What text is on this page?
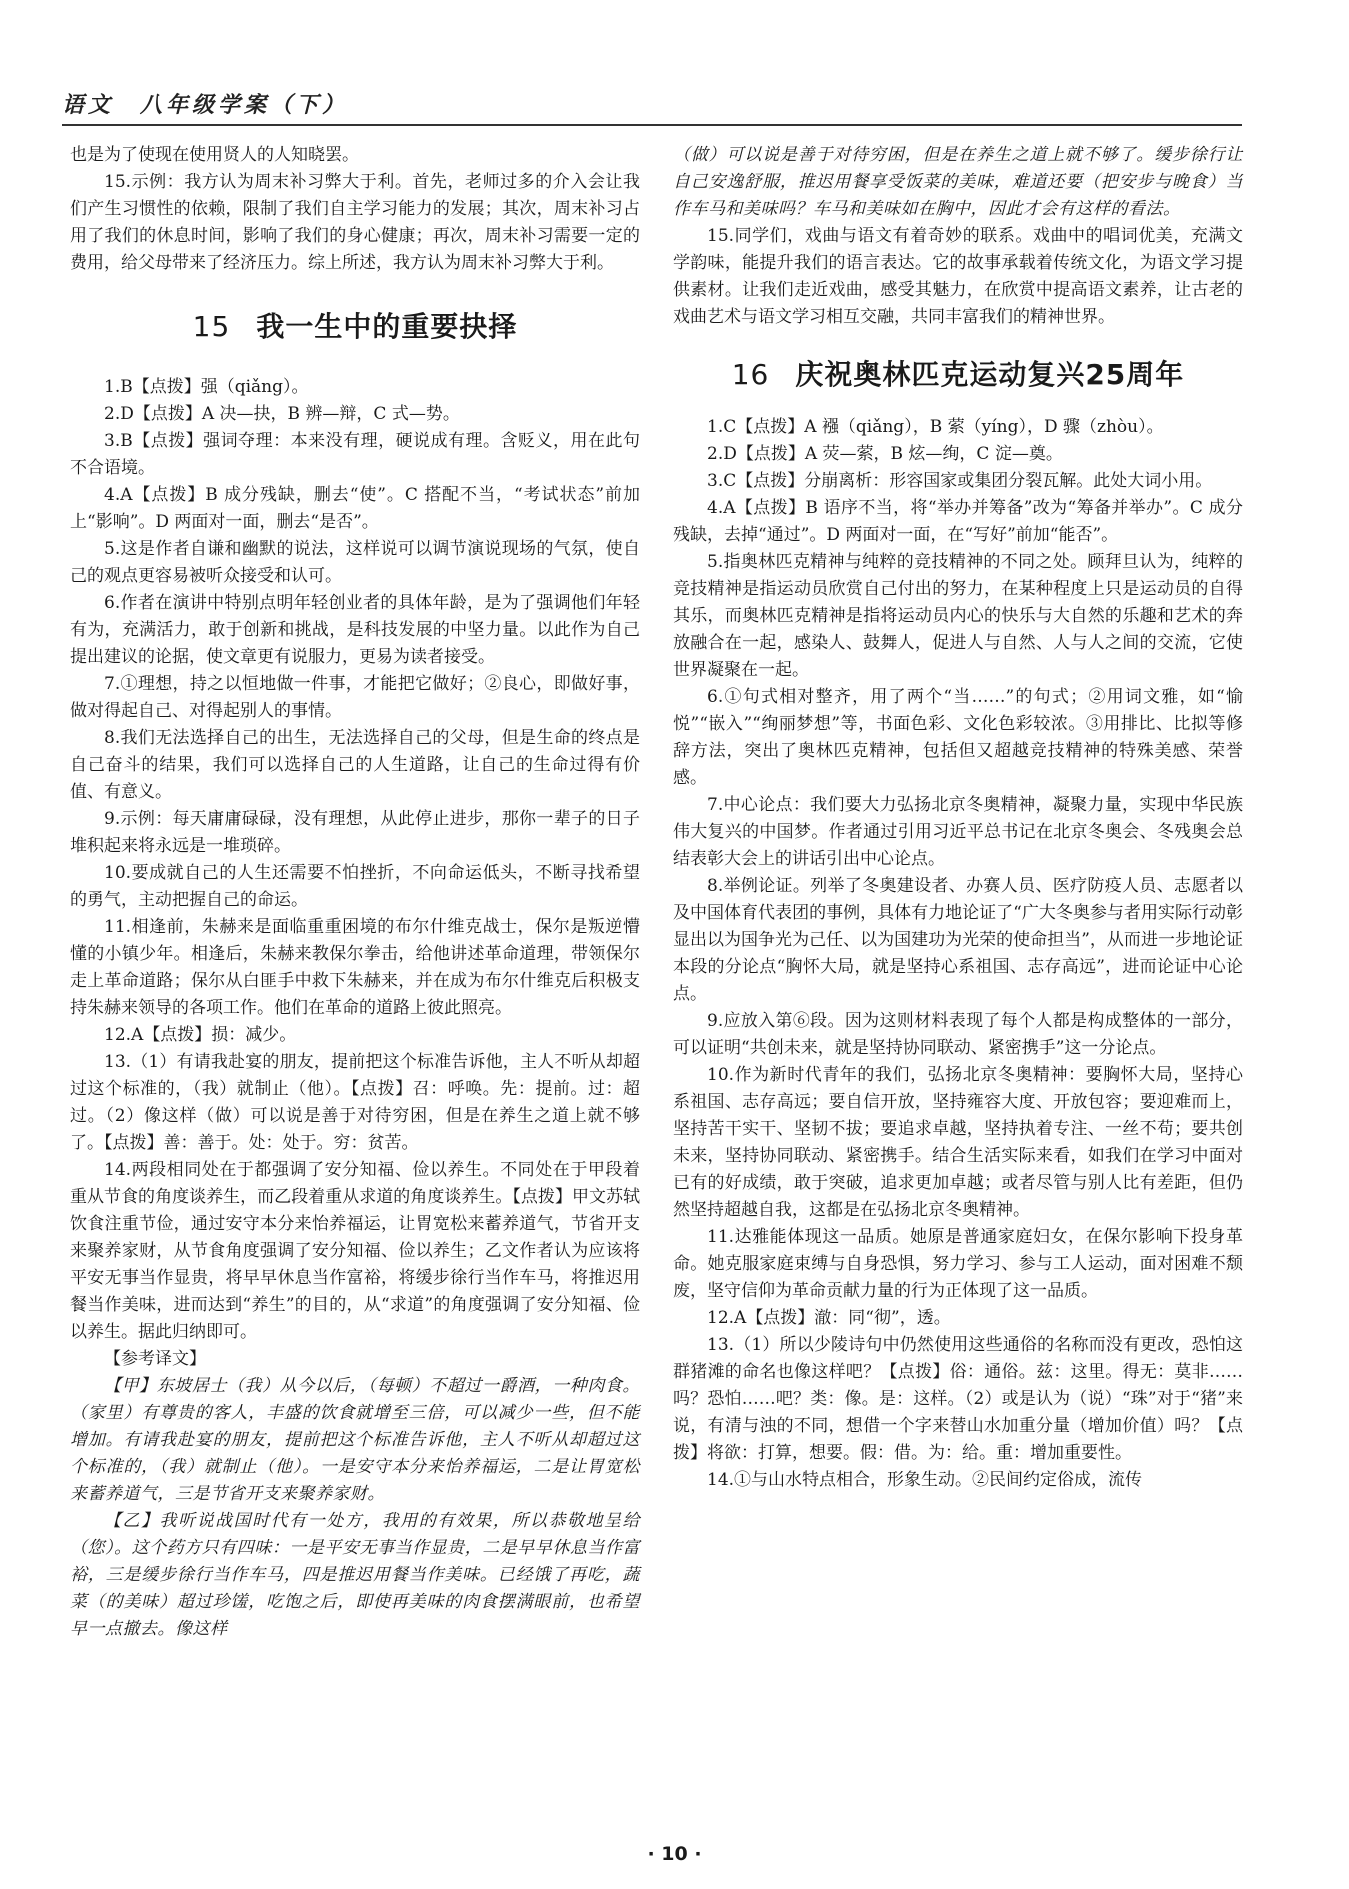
语文　八年级学案（下）

也是为了使现在使用贤人的人知晓罢。

15.示例：我方认为周末补习弊大于利。首先，老师过多的介入会让我们产生习惯性的依赖，限制了我们自主学习能力的发展；其次，周末补习占用了我们的休息时间，影响了我们的身心健康；再次，周末补习需要一定的费用，给父母带来了经济压力。综上所述，我方认为周末补习弊大于利。

15 我一生中的重要抉择

1.B【点拨】强（qiǎng）。

2.D【点拨】A 决—抉，B 辨—辩，C 式—势。

3.B【点拨】强词夺理：本来没有理，硬说成有理。含贬义，用在此句不合语境。

4.A【点拨】B 成分残缺，删去“使”。C 搭配不当，“考试状态”前加上“影响”。D 两面对一面，删去“是否”。

5.这是作者自谦和幽默的说法，这样说可以调节演说现场的气氛，使自己的观点更容易被听众接受和认可。

6.作者在演讲中特别点明年轻创业者的具体年龄，是为了强调他们年轻有为，充满活力，敢于创新和挑战，是科技发展的中坚力量。以此作为自己提出建议的论据，使文章更有说服力，更易为读者接受。

7.①理想，持之以恒地做一件事，才能把它做好；②良心，即做好事，做对得起自己、对得起别人的事情。

8.我们无法选择自己的出生，无法选择自己的父母，但是生命的终点是自己奋斗的结果，我们可以选择自己的人生道路，让自己的生命过得有价值、有意义。

9.示例：每天庸庸碌碌，没有理想，从此停止进步，那你一辈子的日子堆积起来将永远是一堆琐碎。

10.要成就自己的人生还需要不怕挫折，不向命运低头，不断寻找希望的勇气，主动把握自己的命运。

11.相逢前，朱赫来是面临重重困境的布尔什维克战士，保尔是叛逆懵懂的小镇少年。相逢后，朱赫来教保尔拳击，给他讲述革命道理，带领保尔走上革命道路；保尔从白匪手中救下朱赫来，并在成为布尔什维克后积极支持朱赫来领导的各项工作。他们在革命的道路上彼此照亮。

12.A【点拨】损：减少。

13.（1）有请我赴宴的朋友，提前把这个标准告诉他，主人不听从却超过这个标准的，（我）就制止（他）。【点拨】召：呼唤。先：提前。过：超过。（2）像这样（做）可以说是善于对待穷困，但是在养生之道上就不够了。【点拨】善：善于。处：处于。穷：贫苦。

14.两段相同处在于都强调了安分知福、俭以养生。不同处在于甲段着重从节食的角度谈养生，而乙段着重从求道的角度谈养生。【点拨】甲文苏轼饮食注重节俭，通过安守本分来怡养福运，让胃宽松来蓄养道气，节省开支来聚养家财，从节食角度强调了安分知福、俭以养生；乙文作者认为应该将平安无事当作显贵，将早早休息当作富裕，将缓步徐行当作车马，将推迟用餐当作美味，进而达到“养生”的目的，从“求道”的角度强调了安分知福、俭以养生。据此归纳即可。

【参考译文】

【甲】东坡居士（我）从今以后，（每顿）不超过一爵酒，一种肉食。（家里）有尊贵的客人，丰盛的饮食就增至三倍，可以减少一些，但不能增加。有请我赴宴的朋友，提前把这个标准告诉他，主人不听从却超过这个标准的，（我）就制止（他）。一是安守本分来怡养福运，二是让胃宽松来蓄养道气，三是节省开支来聚养家财。

【乙】我听说战国时代有一处方，我用的有效果，所以恭敬地呈给（您）。这个药方只有四味：一是平安无事当作显贵，二是早早休息当作富裕，三是缓步徐行当作车马，四是推迟用餐当作美味。已经饿了再吃，蔬菜（的美味）超过珍馐，吃饱之后，即使再美味的肉食摆满眼前，也希望早一点撤去。像这样

（做）可以说是善于对待穷困，但是在养生之道上就不够了。缓步徐行让自己安逸舒服，推迟用餐享受饭菜的美味，难道还要（把安步与晚食）当作车马和美味吗？车马和美味如在胸中，因此才会有这样的看法。

15.同学们，戏曲与语文有着奇妙的联系。戏曲中的唱词优美，充满文学韵味，能提升我们的语言表达。它的故事承载着传统文化，为语文学习提供素材。让我们走近戏曲，感受其魅力，在欣赏中提高语文素养，让古老的戏曲艺术与语文学习相互交融，共同丰富我们的精神世界。

16 庆祝奥林匹克运动复兴25周年

1.C【点拨】A 襁（qiǎng），B 萦（yíng），D 骤（zhòu）。

2.D【点拨】A 荧—萦，B 炫—绚，C 淀—奠。

3.C【点拨】分崩离析：形容国家或集团分裂瓦解。此处大词小用。

4.A【点拨】B 语序不当，将“举办并筹备”改为“筹备并举办”。C 成分残缺，去掉“通过”。D 两面对一面，在“写好”前加“能否”。

5.指奥林匹克精神与纯粹的竞技精神的不同之处。顾拜旦认为，纯粹的竞技精神是指运动员欣赏自己付出的努力，在某种程度上只是运动员的自得其乐，而奥林匹克精神是指将运动员内心的快乐与大自然的乐趣和艺术的奔放融合在一起，感染人、鼓舞人，促进人与自然、人与人之间的交流，它使世界凝聚在一起。

6.①句式相对整齐，用了两个“当……”的句式；②用词文雅，如“愉悦”“嵌入”“绚丽梦想”等，书面色彩、文化色彩较浓。③用排比、比拟等修辞方法，突出了奥林匹克精神，包括但又超越竞技精神的特殊美感、荣誉感。

7.中心论点：我们要大力弘扬北京冬奥精神，凝聚力量，实现中华民族伟大复兴的中国梦。作者通过引用习近平总书记在北京冬奥会、冬残奥会总结表彰大会上的讲话引出中心论点。

8.举例论证。列举了冬奥建设者、办赛人员、医疗防疫人员、志愿者以及中国体育代表团的事例，具体有力地论证了“广大冬奥参与者用实际行动彰显出以为国争光为己任、以为国建功为光荣的使命担当”，从而进一步地论证本段的分论点“胸怀大局，就是坚持心系祖国、志存高远”，进而论证中心论点。

9.应放入第⑥段。因为这则材料表现了每个人都是构成整体的一部分，可以证明“共创未来，就是坚持协同联动、紧密携手”这一分论点。

10.作为新时代青年的我们，弘扬北京冬奥精神：要胸怀大局，坚持心系祖国、志存高远；要自信开放，坚持雍容大度、开放包容；要迎难而上，坚持苦干实干、坚韧不拔；要追求卓越，坚持执着专注、一丝不苟；要共创未来，坚持协同联动、紧密携手。结合生活实际来看，如我们在学习中面对已有的好成绩，敢于突破，追求更加卓越；或者尽管与别人比有差距，但仍然坚持超越自我，这都是在弘扬北京冬奥精神。

11.达雅能体现这一品质。她原是普通家庭妇女，在保尔影响下投身革命。她克服家庭束缚与自身恐惧，努力学习、参与工人运动，面对困难不颓废，坚守信仰为革命贡献力量的行为正体现了这一品质。

12.A【点拨】澈：同“彻”，透。

13.（1）所以少陵诗句中仍然使用这些通俗的名称而没有更改，恐怕这群猪滩的命名也像这样吧？【点拨】俗：通俗。兹：这里。得无：莫非……吗？恐怕……吧？类：像。是：这样。（2）或是认为（说）“珠”对于“猪”来说，有清与浊的不同，想借一个字来替山水加重分量（增加价值）吗？【点拨】将欲：打算，想要。假：借。为：给。重：增加重要性。

14.①与山水特点相合，形象生动。②民间约定俗成，流传

· 10 ·
